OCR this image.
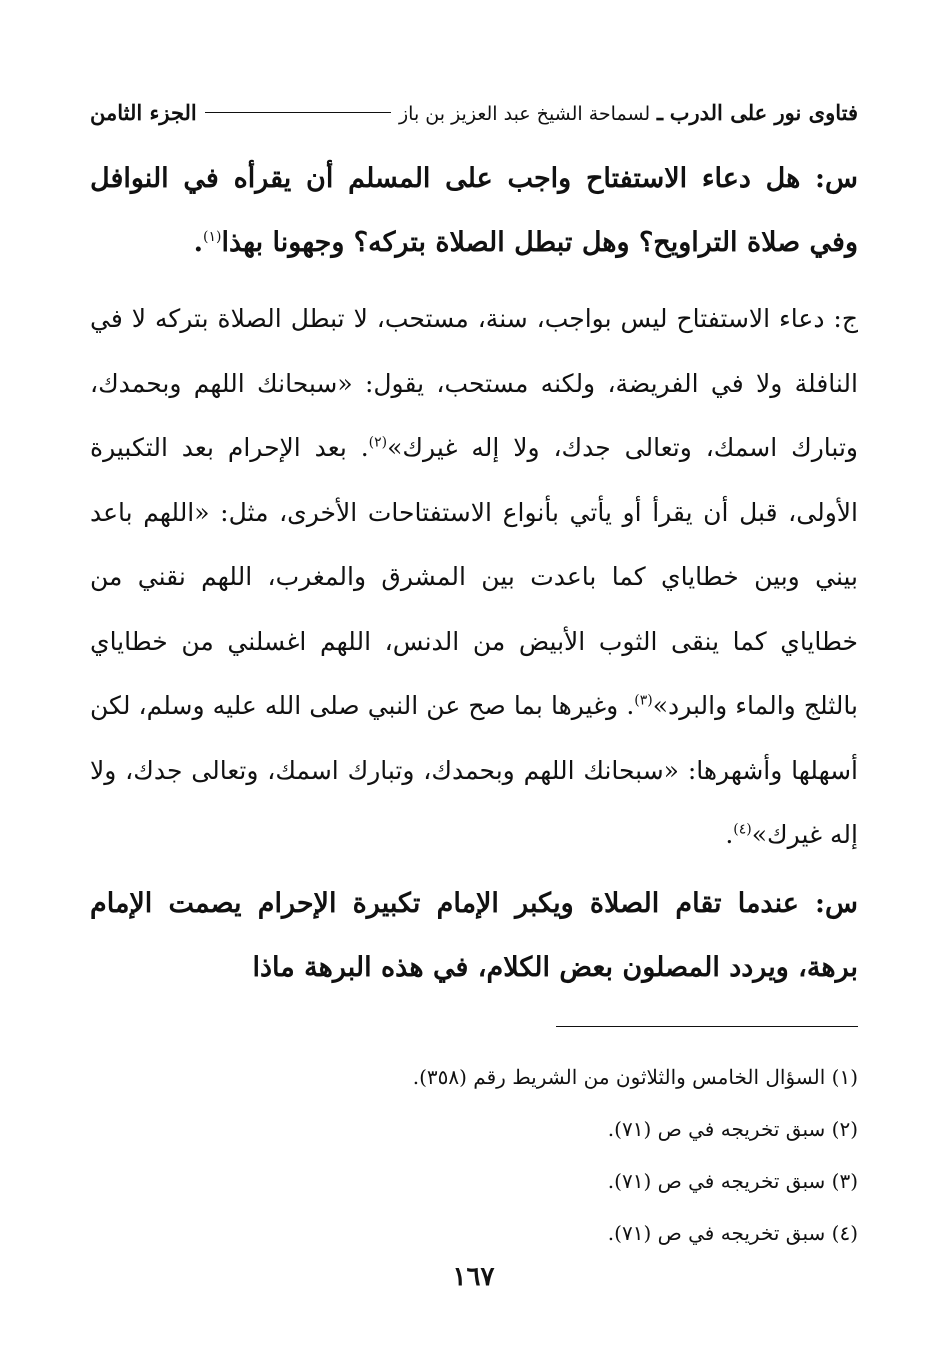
فتاوى نور على الدرب ـ لسماحة الشيخ عبد العزيز بن باز
الجزء الثامن

س: هل دعاء الاستفتاح واجب على المسلم أن يقرأه في النوافل وفي صلاة التراويح؟ وهل تبطل الصلاة بتركه؟ وجهونا بهذا$^{(١)}$.

ج: دعاء الاستفتاح ليس بواجب، سنة، مستحب، لا تبطل الصلاة بتركه لا في النافلة ولا في الفريضة، ولكنه مستحب، يقول: «سبحانك اللهم وبحمدك، وتبارك اسمك، وتعالى جدك، ولا إله غيرك»$^{(٢)}$. بعد الإحرام بعد التكبيرة الأولى، قبل أن يقرأ أو يأتي بأنواع الاستفتاحات الأخرى، مثل: «اللهم باعد بيني وبين خطاياي كما باعدت بين المشرق والمغرب، اللهم نقني من خطاياي كما ينقى الثوب الأبيض من الدنس، اللهم اغسلني من خطاياي بالثلج والماء والبرد»$^{(٣)}$. وغيرها بما صح عن النبي صلى الله عليه وسلم، لكن أسهلها وأشهرها: «سبحانك اللهم وبحمدك، وتبارك اسمك، وتعالى جدك، ولا إله غيرك»$^{(٤)}$.

س: عندما تقام الصلاة ويكبر الإمام تكبيرة الإحرام يصمت الإمام برهة، ويردد المصلون بعض الكلام، في هذه البرهة ماذا

(١) السؤال الخامس والثلاثون من الشريط رقم (٣٥٨).
(٢) سبق تخريجه في ص (٧١).
(٣) سبق تخريجه في ص (٧١).
(٤) سبق تخريجه في ص (٧١).
١٦٧
